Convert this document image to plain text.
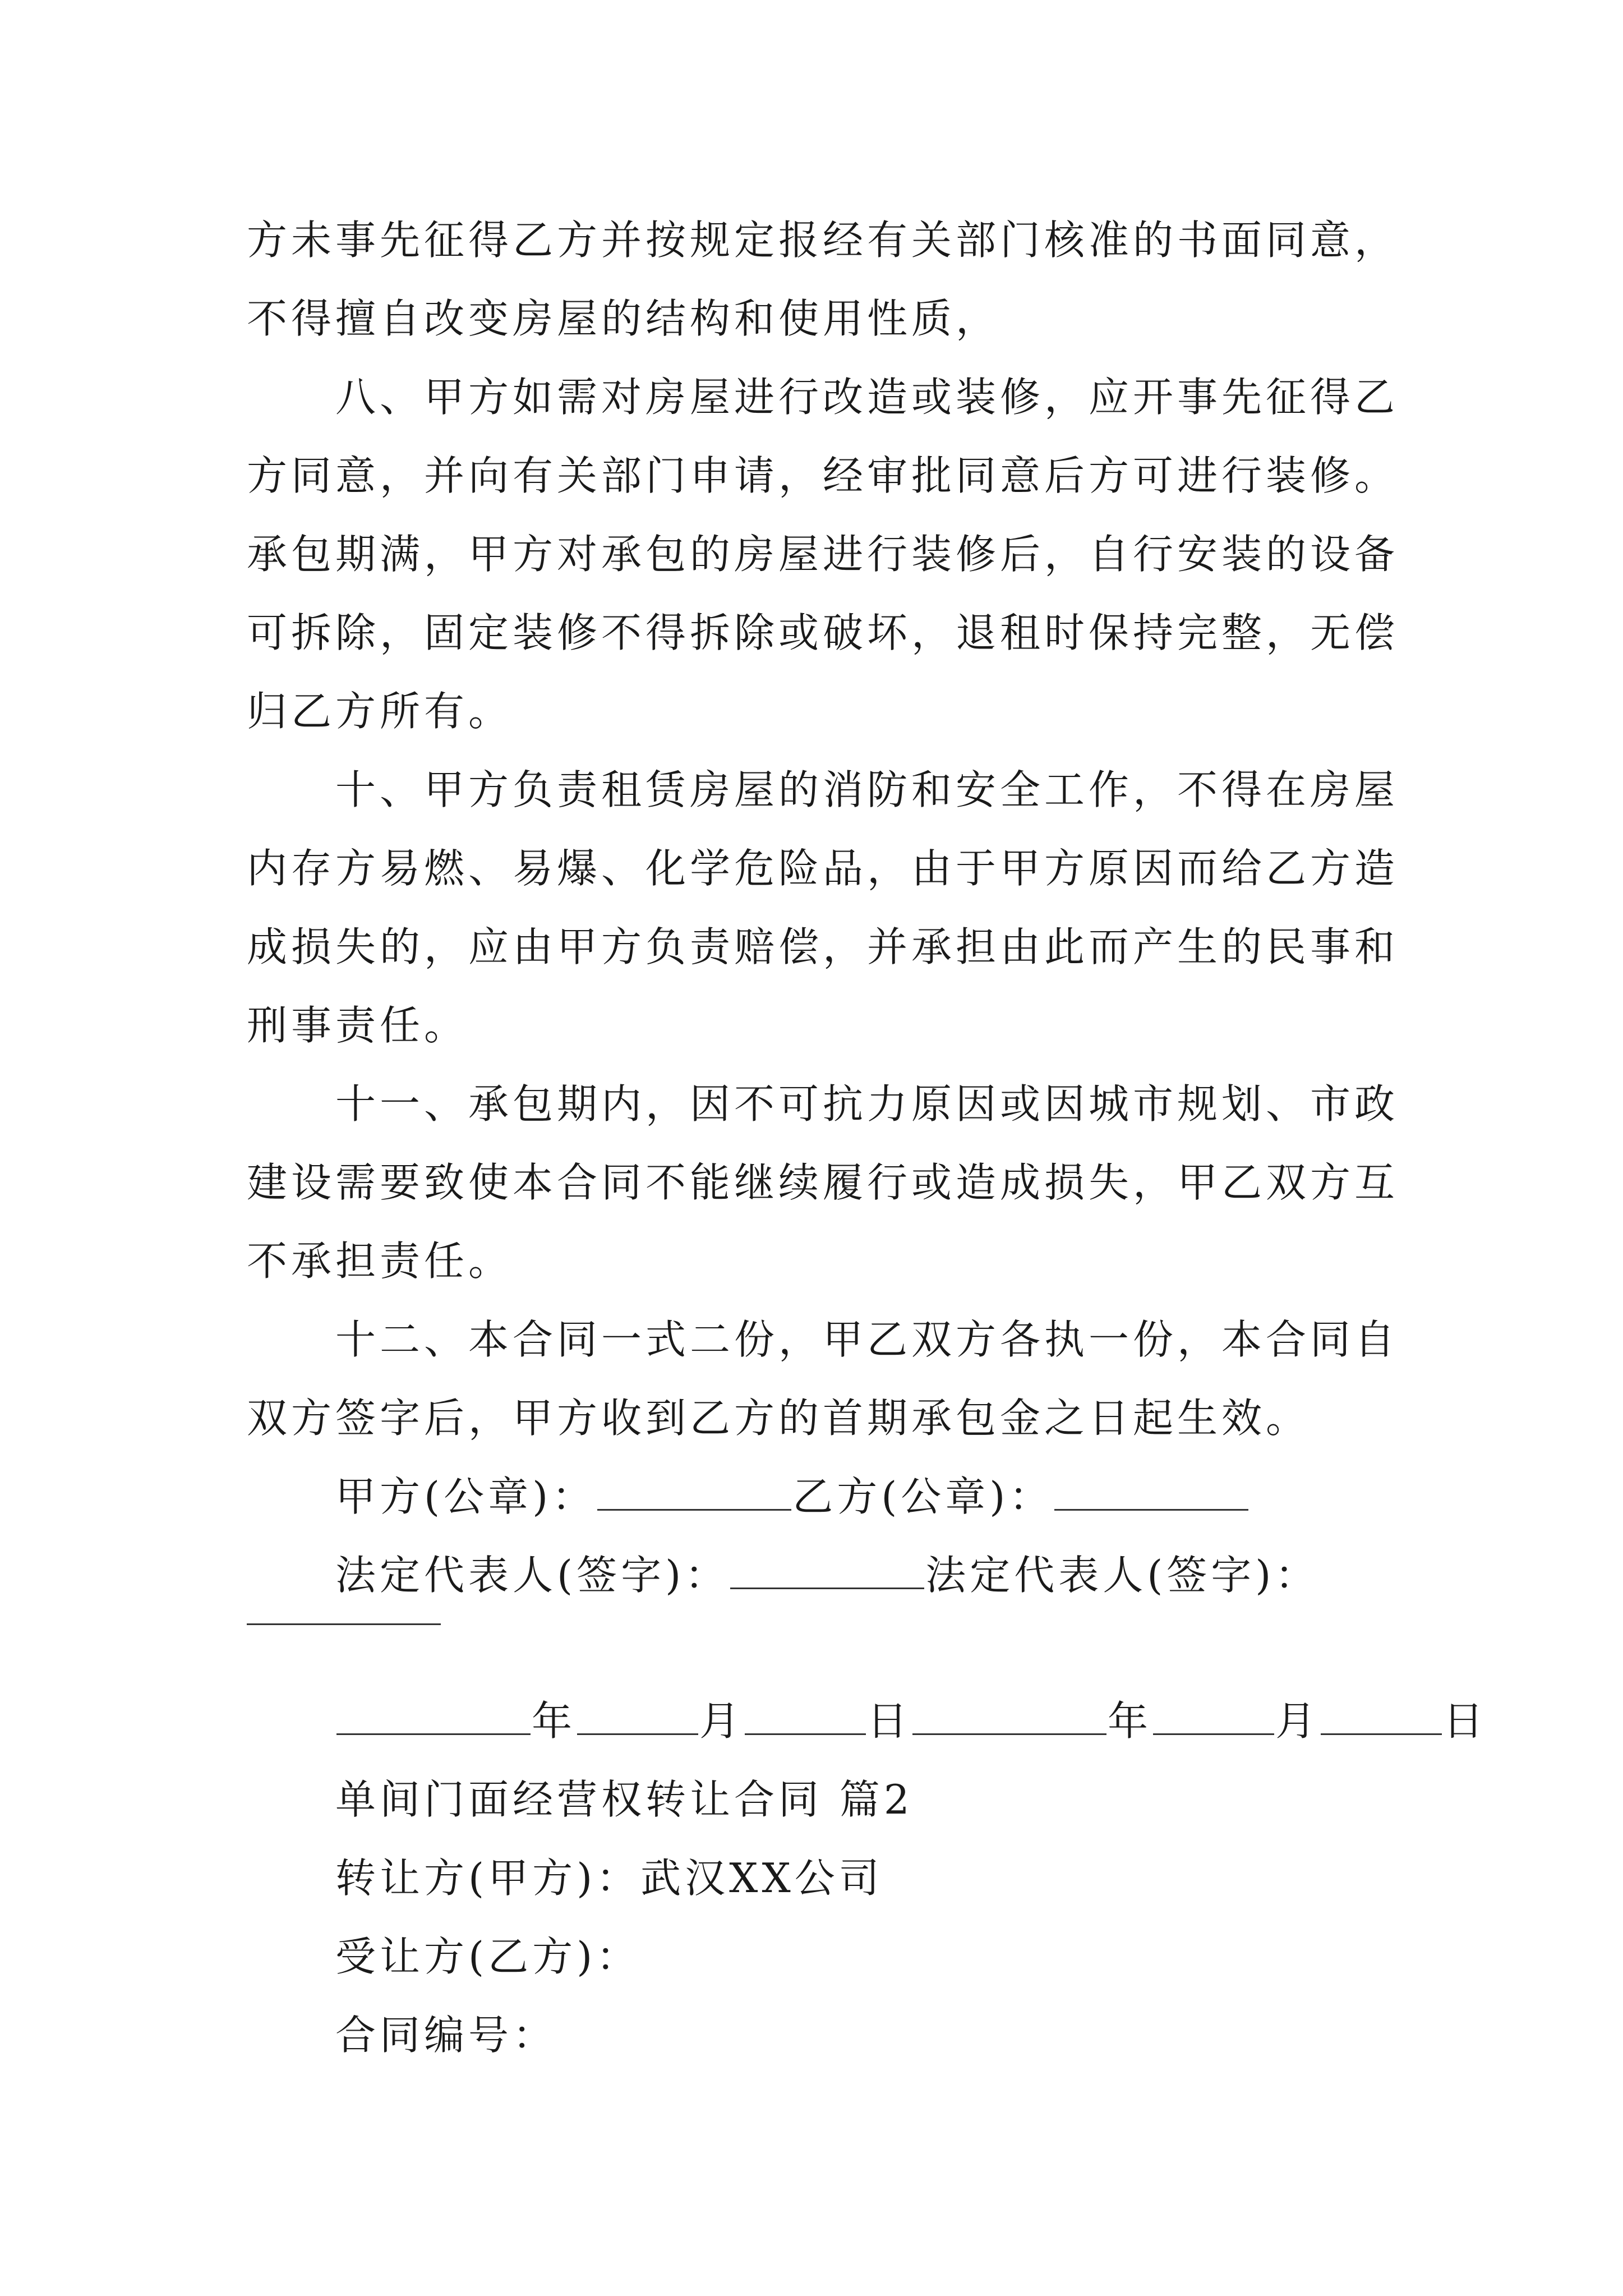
方未事先征得乙方并按规定报经有关部门核准的书面同意，
不得擅自改变房屋的结构和使用性质，
八、甲方如需对房屋进行改造或装修，应开事先征得乙
方同意，并向有关部门申请，经审批同意后方可进行装修。
承包期满，甲方对承包的房屋进行装修后，自行安装的设备
可拆除，固定装修不得拆除或破坏，退租时保持完整，无偿
归乙方所有。
十、甲方负责租赁房屋的消防和安全工作，不得在房屋
内存方易燃、易爆、化学危险品，由于甲方原因而给乙方造
成损失的，应由甲方负责赔偿，并承担由此而产生的民事和
刑事责任。
十一、承包期内，因不可抗力原因或因城市规划、市政
建设需要致使本合同不能继续履行或造成损失，甲乙双方互
不承担责任。
十二、本合同一式二份，甲乙双方各执一份，本合同自
双方签字后，甲方收到乙方的首期承包金之日起生效。
甲方(公章)：	乙方(公章)：
法定代表人(签字)：	法定代表人(签字)：
年	月	日	年	月	日
单间门面经营权转让合同 篇2
转让方(甲方)：武汉XX公司
受让方(乙方)：
合同编号：
